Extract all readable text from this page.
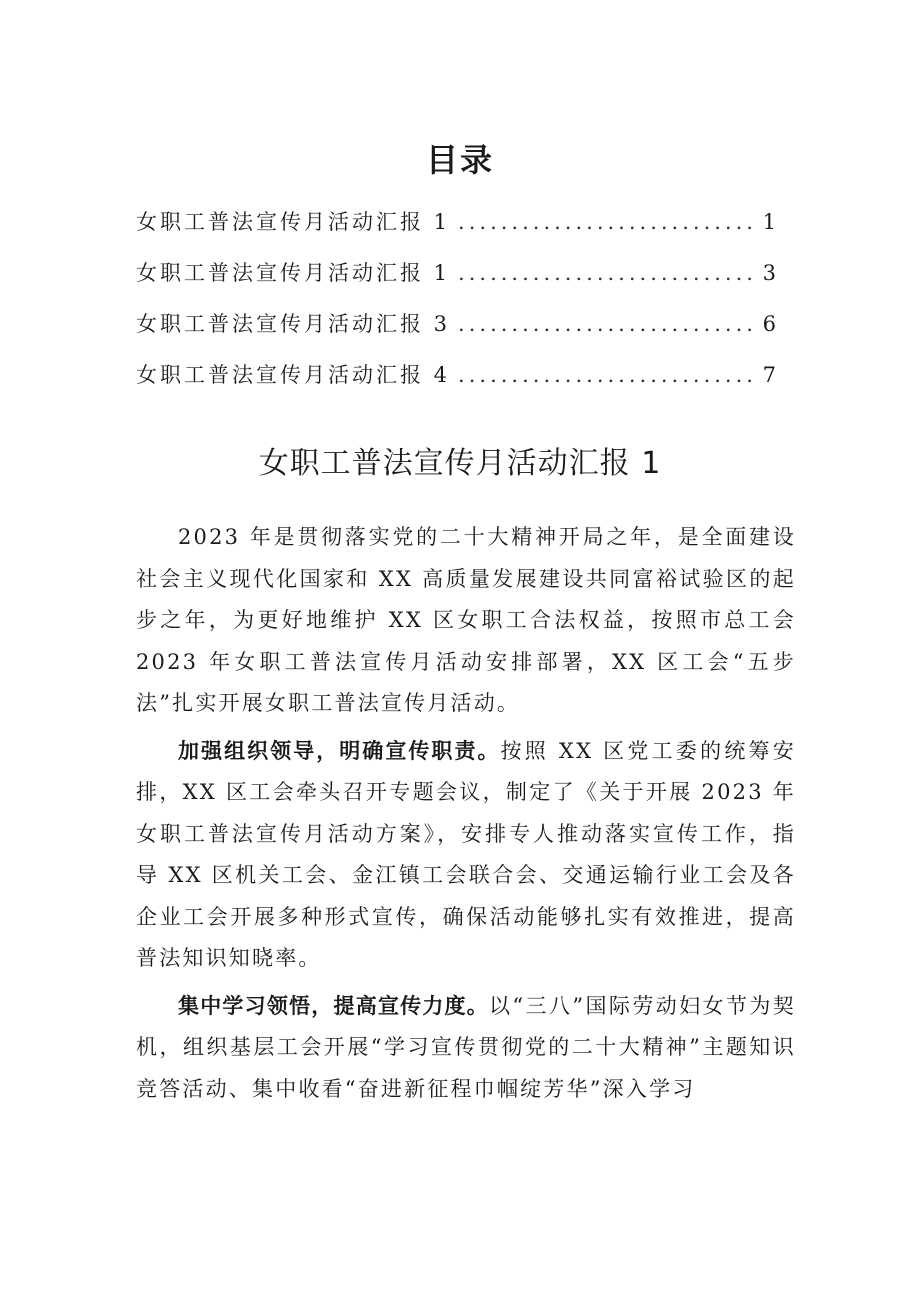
目录
女职工普法宣传月活动汇报 1 .....	1
女职工普法宣传月活动汇报 1 .....	3
女职工普法宣传月活动汇报 3 .....	6
女职工普法宣传月活动汇报 4 .....	7
女职工普法宣传月活动汇报 1

2023 年是贯彻落实党的二十大精神开局之年，是全面建设社会主义现代化国家和 XX 高质量发展建设共同富裕试验区的起步之年，为更好地维护 XX 区女职工合法权益，按照市总工会 2023 年女职工普法宣传月活动安排部署，XX 区工会“五步法”扎实开展女职工普法宣传月活动。

加强组织领导，明确宣传职责。按照 XX 区党工委的统筹安排，XX 区工会牵头召开专题会议，制定了《关于开展 2023 年女职工普法宣传月活动方案》，安排专人推动落实宣传工作，指导 XX 区机关工会、金江镇工会联合会、交通运输行业工会及各企业工会开展多种形式宣传，确保活动能够扎实有效推进，提高普法知识知晓率。

集中学习领悟，提高宣传力度。以“三八”国际劳动妇女节为契机，组织基层工会开展“学习宣传贯彻党的二十大精神”主题知识竞答活动、集中收看“奋进新征程巾帼绽芳华”深入学习
